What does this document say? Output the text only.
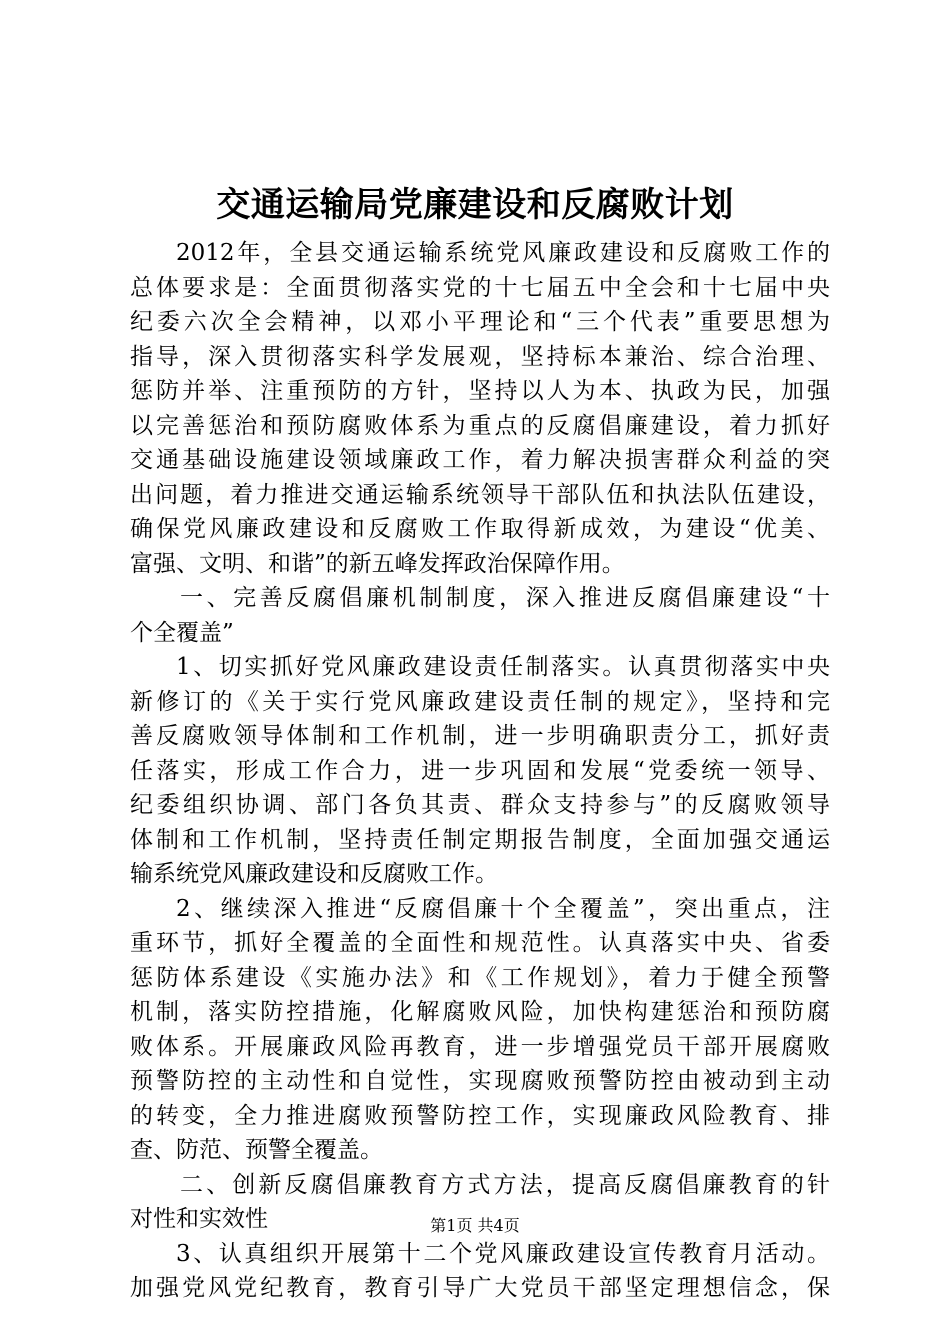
交通运输局党廉建设和反腐败计划
2012年，全县交通运输系统党风廉政建设和反腐败工作的
总体要求是：全面贯彻落实党的十七届五中全会和十七届中央
纪委六次全会精神，以邓小平理论和“三个代表”重要思想为
指导，深入贯彻落实科学发展观，坚持标本兼治、综合治理、
惩防并举、注重预防的方针，坚持以人为本、执政为民，加强
以完善惩治和预防腐败体系为重点的反腐倡廉建设，着力抓好
交通基础设施建设领域廉政工作，着力解决损害群众利益的突
出问题，着力推进交通运输系统领导干部队伍和执法队伍建设，
确保党风廉政建设和反腐败工作取得新成效，为建设“优美、
富强、文明、和谐”的新五峰发挥政治保障作用。
一、完善反腐倡廉机制制度，深入推进反腐倡廉建设“十
个全覆盖”
1、切实抓好党风廉政建设责任制落实。认真贯彻落实中央
新修订的《关于实行党风廉政建设责任制的规定》，坚持和完
善反腐败领导体制和工作机制，进一步明确职责分工，抓好责
任落实，形成工作合力，进一步巩固和发展“党委统一领导、
纪委组织协调、部门各负其责、群众支持参与”的反腐败领导
体制和工作机制，坚持责任制定期报告制度，全面加强交通运
输系统党风廉政建设和反腐败工作。
2、继续深入推进“反腐倡廉十个全覆盖”，突出重点，注
重环节，抓好全覆盖的全面性和规范性。认真落实中央、省委
惩防体系建设《实施办法》和《工作规划》，着力于健全预警
机制，落实防控措施，化解腐败风险，加快构建惩治和预防腐
败体系。开展廉政风险再教育，进一步增强党员干部开展腐败
预警防控的主动性和自觉性，实现腐败预警防控由被动到主动
的转变，全力推进腐败预警防控工作，实现廉政风险教育、排
查、防范、预警全覆盖。
二、创新反腐倡廉教育方式方法，提高反腐倡廉教育的针
对性和实效性
3、认真组织开展第十二个党风廉政建设宣传教育月活动。
加强党风党纪教育，教育引导广大党员干部坚定理想信念，保
第1页 共4页
